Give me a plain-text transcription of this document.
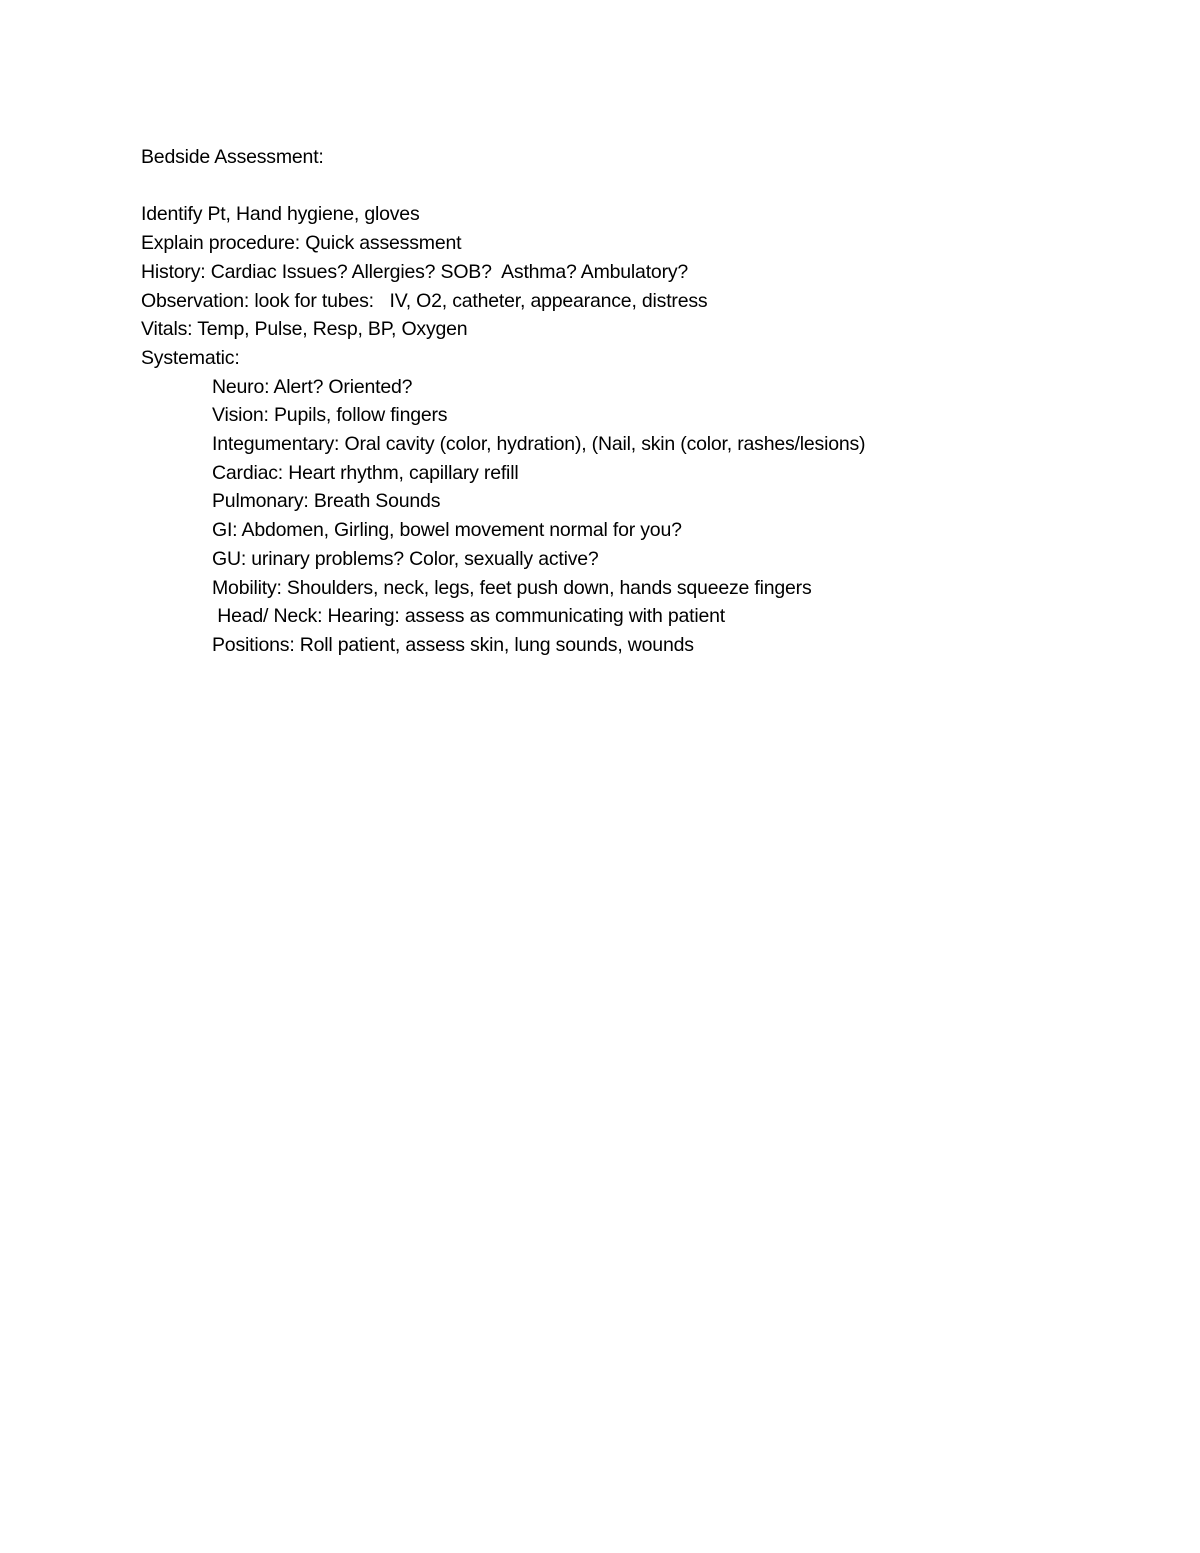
Bedside Assessment:
Identify Pt, Hand hygiene, gloves
Explain procedure: Quick assessment
History: Cardiac Issues? Allergies? SOB?  Asthma? Ambulatory?
Observation: look for tubes:   IV, O2, catheter, appearance, distress
Vitals: Temp, Pulse, Resp, BP, Oxygen
Systematic:
Neuro: Alert? Oriented?
Vision: Pupils, follow fingers
Integumentary: Oral cavity (color, hydration), (Nail, skin (color, rashes/lesions)
Cardiac: Heart rhythm, capillary refill
Pulmonary: Breath Sounds
GI: Abdomen, Girling, bowel movement normal for you?
GU: urinary problems? Color, sexually active?
Mobility: Shoulders, neck, legs, feet push down, hands squeeze fingers
Head/ Neck: Hearing: assess as communicating with patient
Positions: Roll patient, assess skin, lung sounds, wounds
